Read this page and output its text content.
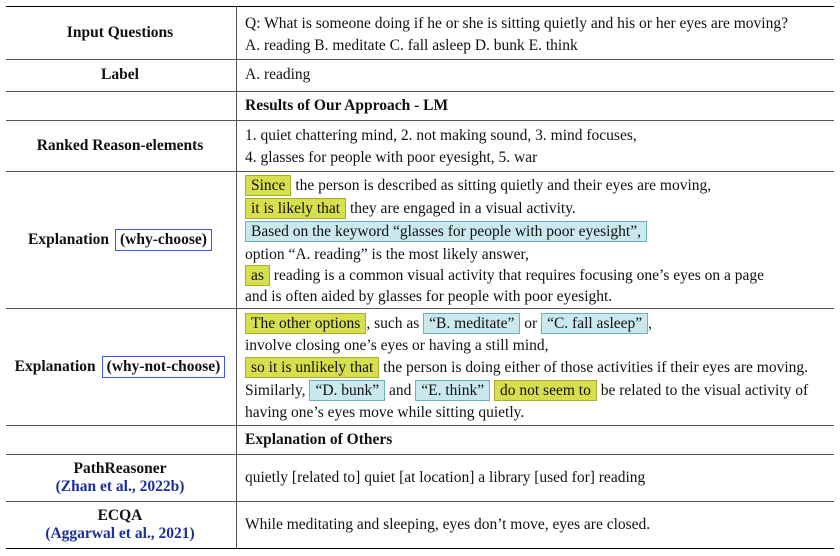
Input Questions
Q: What is someone doing if he or she is sitting quietly and his or her eyes are moving?
A. reading B. meditate C. fall asleep D. bunk E. think
Label	A. reading
Results of Our Approach - LM
Ranked Reason-elements
1. quiet chattering mind, 2. not making sound, 3. mind focuses,
4. glasses for people with poor eyesight, 5. war
Explanation (why-choose)
Since the person is described as sitting quietly and their eyes are moving,
it is likely that they are engaged in a visual activity.
Based on the keyword “glasses for people with poor eyesight”,
option “A. reading” is the most likely answer,
as reading is a common visual activity that requires focusing one’s eyes on a page
and is often aided by glasses for people with poor eyesight.
Explanation (why-not-choose)
The other options , such as “B. meditate” or “C. fall asleep” ,
involve closing one’s eyes or having a still mind,
so it is unlikely that the person is doing either of those activities if their eyes are moving.
Similarly, “D. bunk” and “E. think” do not seem to be related to the visual activity of
having one’s eyes move while sitting quietly.
Explanation of Others
PathReasoner
(Zhan et al., 2022b)
quietly [related to] quiet [at location] a library [used for] reading
ECQA
(Aggarwal et al., 2021)
While meditating and sleeping, eyes don’t move, eyes are closed.
